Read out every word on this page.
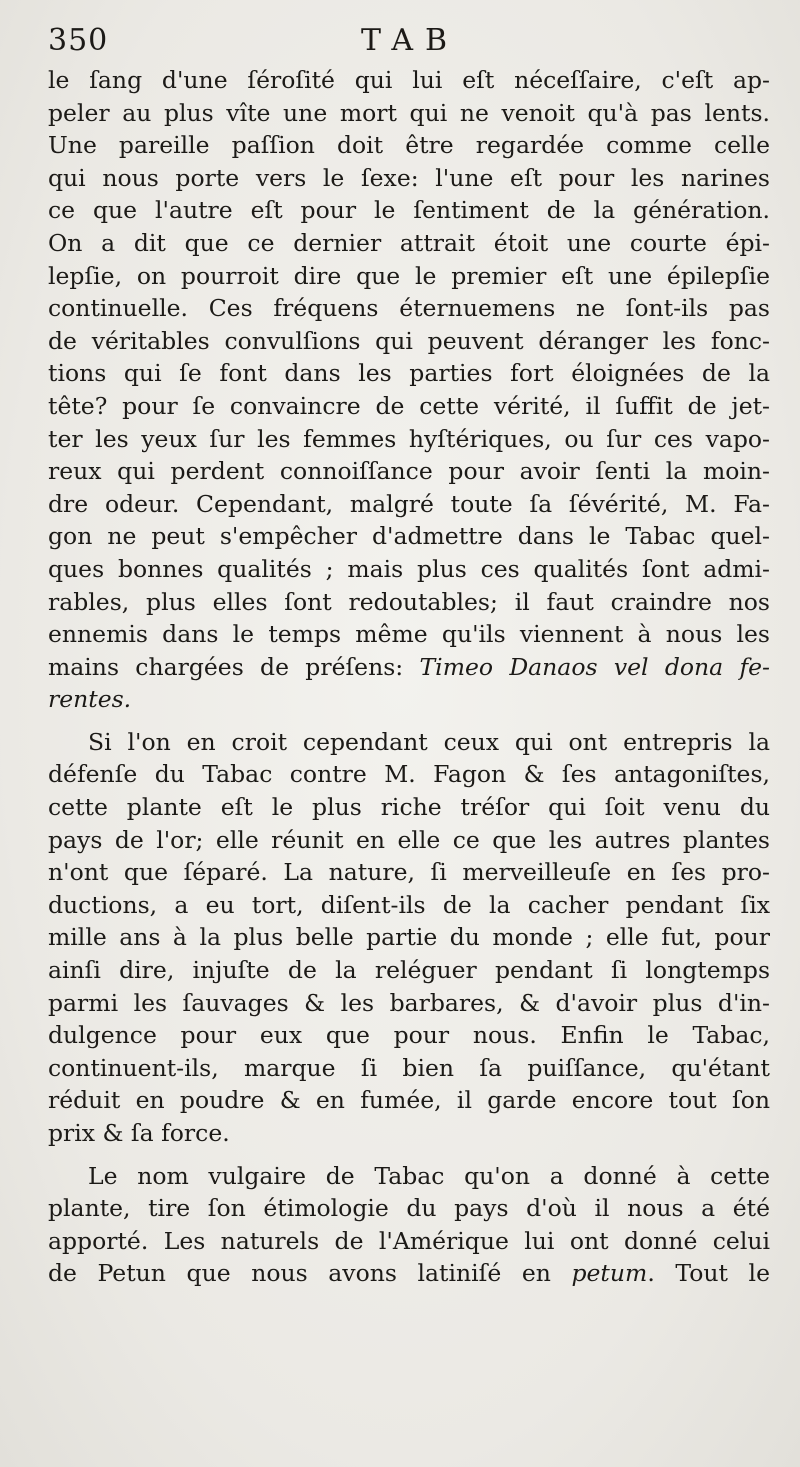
350	TAB
le ſang d'une ſéroſité qui lui eſt néceſſaire, c'eſt ap-
peler au plus vîte une mort qui ne venoit qu'à pas lents.
Une pareille paſſion doit être regardée comme celle
qui nous porte vers le ſexe: l'une eſt pour les narines
ce que l'autre eſt pour le ſentiment de la génération.
On a dit que ce dernier attrait étoit une courte épi-
lepſie, on pourroit dire que le premier eſt une épilepſie
continuelle. Ces fréquens éternuemens ne ſont-ils pas
de véritables convulſions qui peuvent déranger les fonc-
tions qui ſe font dans les parties fort éloignées de la
tête? pour ſe convaincre de cette vérité, il ſuffit de jet-
ter les yeux ſur les femmes hyſtériques, ou ſur ces vapo-
reux qui perdent connoiſſance pour avoir ſenti la moin-
dre odeur. Cependant, malgré toute ſa ſévérité, M. Fa-
gon ne peut s'empêcher d'admettre dans le Tabac quel-
ques bonnes qualités ; mais plus ces qualités ſont admi-
rables, plus elles ſont redoutables; il faut craindre nos
ennemis dans le temps même qu'ils viennent à nous les
mains chargées de préſens: Timeo Danaos vel dona fe-
rentes.
Si l'on en croit cependant ceux qui ont entrepris la
défenſe du Tabac contre M. Fagon & ſes antagoniſtes,
cette plante eſt le plus riche tréſor qui ſoit venu du
pays de l'or; elle réunit en elle ce que les autres plantes
n'ont que ſéparé. La nature, ſi merveilleuſe en ſes pro-
ductions, a eu tort, diſent-ils de la cacher pendant ſix
mille ans à la plus belle partie du monde ; elle fut, pour
ainſi dire, injuſte de la reléguer pendant ſi longtemps
parmi les ſauvages & les barbares, & d'avoir plus d'in-
dulgence pour eux que pour nous. Enfin le Tabac,
continuent-ils, marque ſi bien ſa puiſſance, qu'étant
réduit en poudre & en fumée, il garde encore tout ſon
prix & ſa force.
Le nom vulgaire de Tabac qu'on a donné à cette
plante, tire ſon étimologie du pays d'où il nous a été
apporté. Les naturels de l'Amérique lui ont donné celui
de Petun que nous avons latiniſé en petum. Tout le
